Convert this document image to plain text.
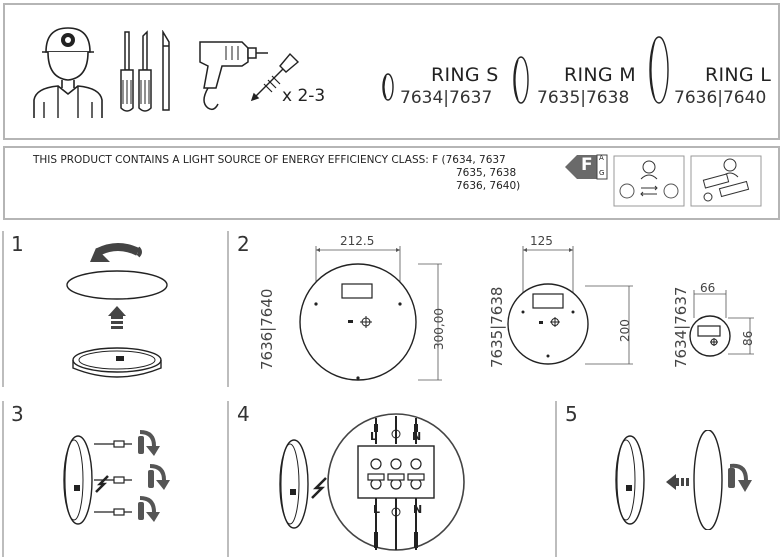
x 2-3
RING S
7634|7637
RING M
7635|7638
RING L
7636|7640
THIS PRODUCT CONTAINS A LIGHT SOURCE OF ENERGY EFFICIENCY CLASS: F (7634, 7637
7635, 7638
7636, 7640)
F A
G
1	2
7636|7640
212.5
300,00	7635|7638
125
200	7634|7637 66
86
3	4
L	N
L	N
5
